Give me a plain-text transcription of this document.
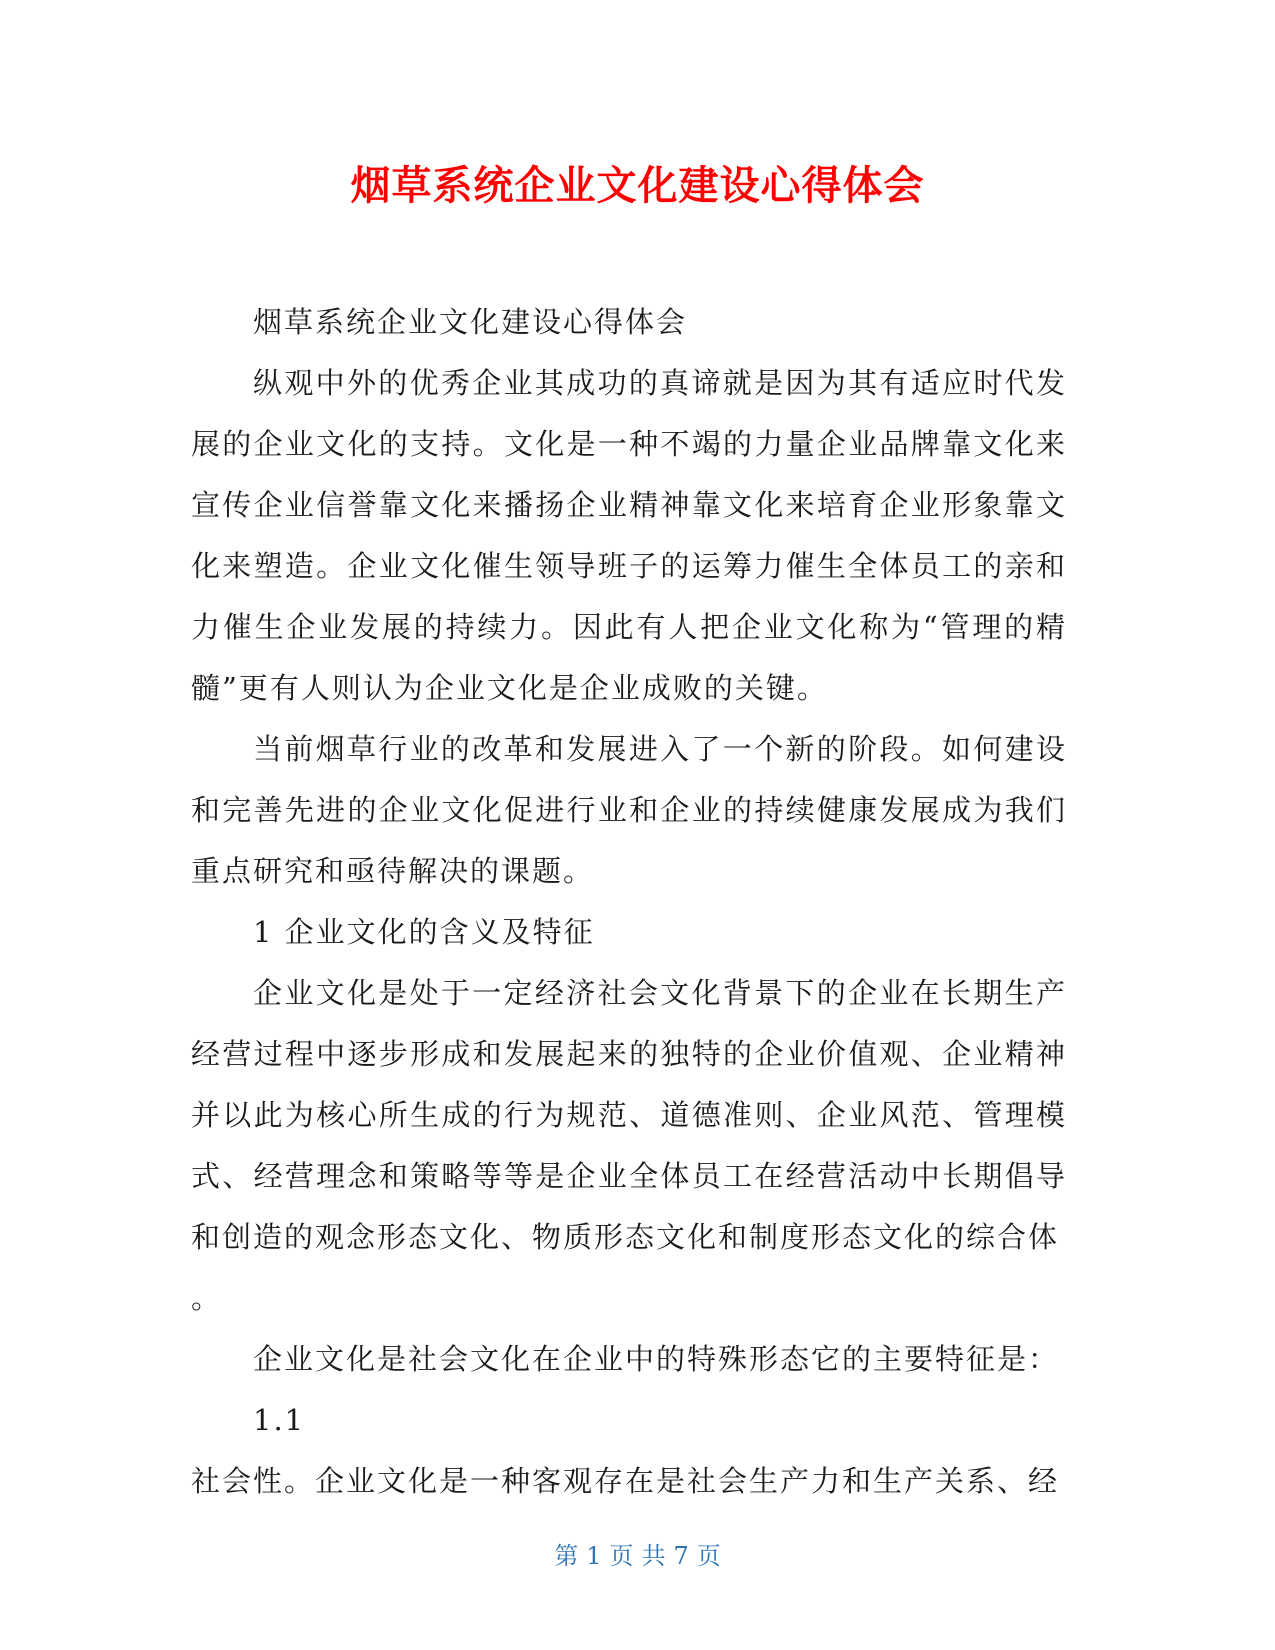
烟草系统企业文化建设心得体会

烟草系统企业文化建设心得体会

纵观中外的优秀企业其成功的真谛就是因为其有适应时代发展的企业文化的支持。文化是一种不竭的力量企业品牌靠文化来宣传企业信誉靠文化来播扬企业精神靠文化来培育企业形象靠文化来塑造。企业文化催生领导班子的运筹力催生全体员工的亲和力催生企业发展的持续力。因此有人把企业文化称为“管理的精髓”更有人则认为企业文化是企业成败的关键。

当前烟草行业的改革和发展进入了一个新的阶段。如何建设和完善先进的企业文化促进行业和企业的持续健康发展成为我们重点研究和亟待解决的课题。

1 企业文化的含义及特征

企业文化是处于一定经济社会文化背景下的企业在长期生产经营过程中逐步形成和发展起来的独特的企业价值观、企业精神并以此为核心所生成的行为规范、道德准则、企业风范、管理模式、经营理念和策略等等是企业全体员工在经营活动中长期倡导和创造的观念形态文化、物质形态文化和制度形态文化的综合体

。

企业文化是社会文化在企业中的特殊形态它的主要特征是：

1.1

社会性。企业文化是一种客观存在是社会生产力和生产关系、经

第 1 页 共 7 页
